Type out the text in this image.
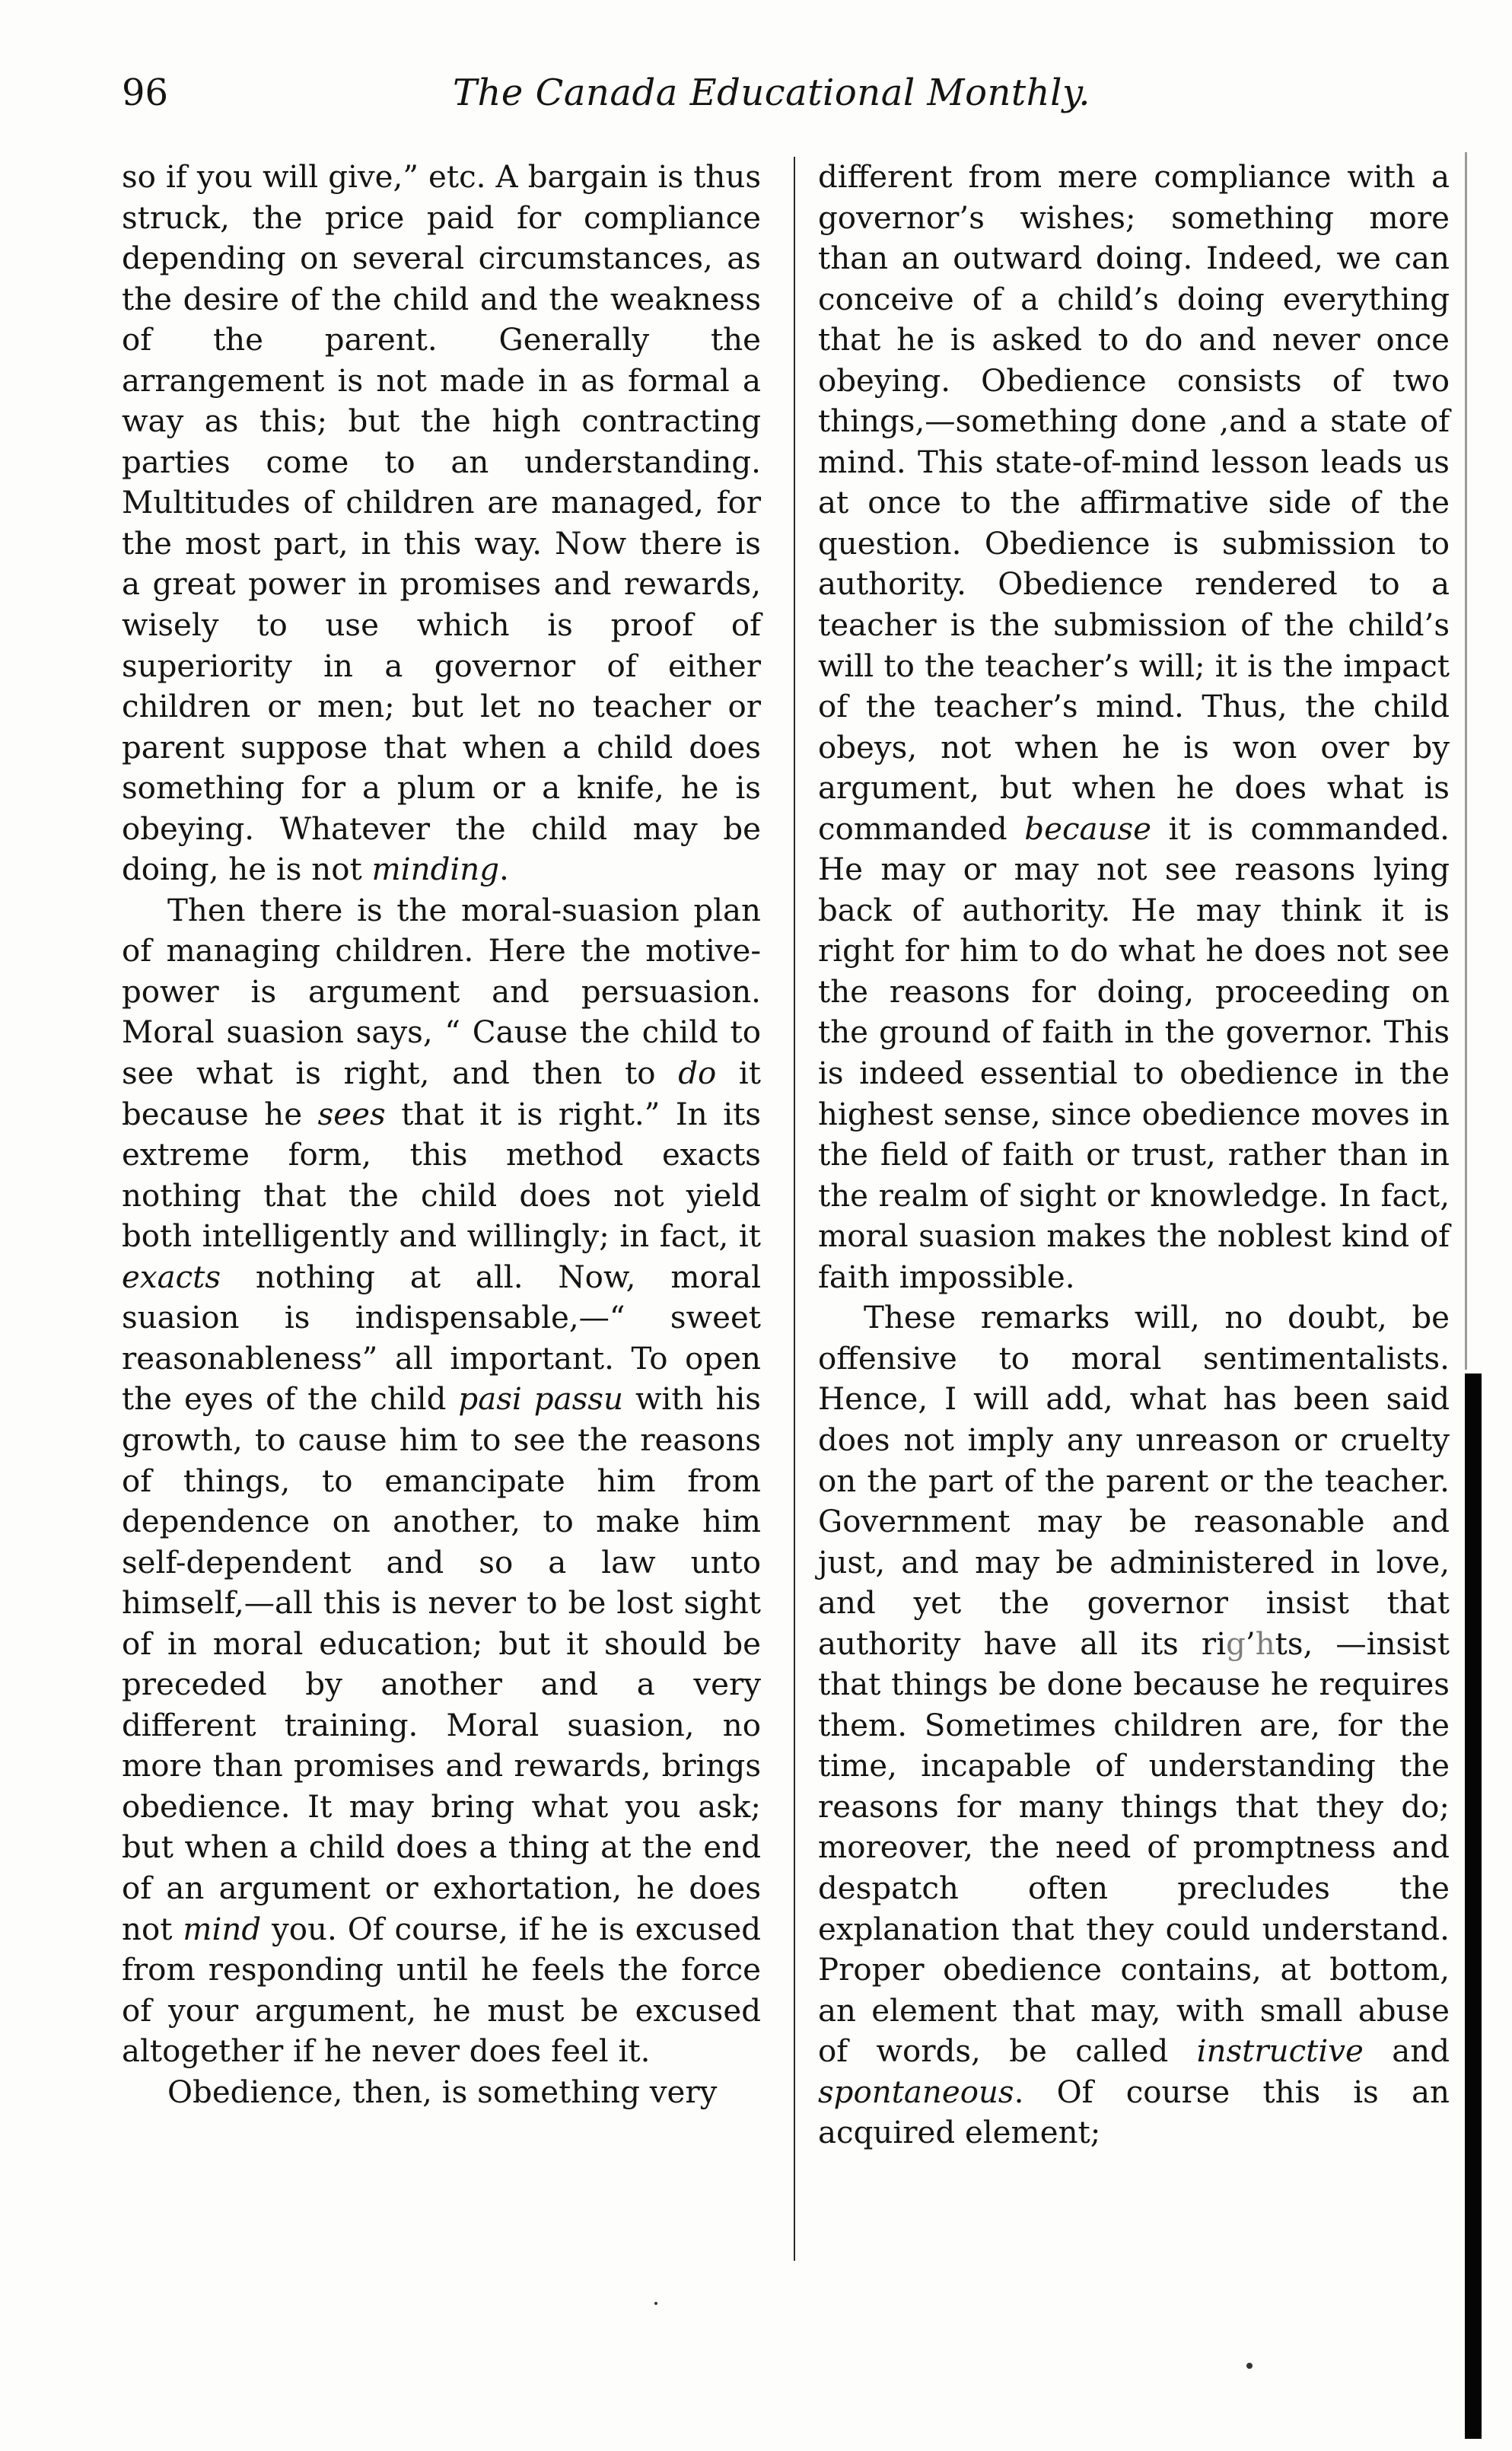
96	The Canada Educational Monthly.

so if you will give,” etc. A bargain is thus struck, the price paid for compliance depending on several circumstances, as the desire of the child and the weakness of the parent. Generally the arrangement is not made in as formal a way as this; but the high contracting parties come to an understanding. Multitudes of children are managed, for the most part, in this way. Now there is a great power in promises and rewards, wisely to use which is proof of superiority in a governor of either children or men; but let no teacher or parent suppose that when a child does something for a plum or a knife, he is obeying. Whatever the child may be doing, he is not minding.

Then there is the moral-suasion plan of managing children. Here the motive-power is argument and persuasion. Moral suasion says, “ Cause the child to see what is right, and then to do it because he sees that it is right.” In its extreme form, this method exacts nothing that the child does not yield both intelligently and willingly; in fact, it exacts nothing at all. Now, moral suasion is indispensable,—“ sweet reasonableness” all important. To open the eyes of the child pasi passu with his growth, to cause him to see the reasons of things, to emancipate him from dependence on another, to make him self-dependent and so a law unto himself,—all this is never to be lost sight of in moral education; but it should be preceded by another and a very different training. Moral suasion, no more than promises and rewards, brings obedience. It may bring what you ask; but when a child does a thing at the end of an argument or exhortation, he does not mind you. Of course, if he is excused from responding until he feels the force of your argument, he must be excused altogether if he never does feel it.

Obedience, then, is something very

different from mere compliance with a governor’s wishes; something more than an outward doing. Indeed, we can conceive of a child’s doing everything that he is asked to do and never once obeying. Obedience consists of two things,—something done ,and a state of mind. This state-of-mind lesson leads us at once to the affirmative side of the question. Obedience is submission to authority. Obedience rendered to a teacher is the submission of the child’s will to the teacher’s will; it is the impact of the teacher’s mind. Thus, the child obeys, not when he is won over by argument, but when he does what is commanded because it is commanded. He may or may not see reasons lying back of authority. He may think it is right for him to do what he does not see the reasons for doing, proceeding on the ground of faith in the governor. This is indeed essential to obedience in the highest sense, since obedience moves in the field of faith or trust, rather than in the realm of sight or knowledge. In fact, moral suasion makes the noblest kind of faith impossible.

These remarks will, no doubt, be offensive to moral sentimentalists. Hence, I will add, what has been said does not imply any unreason or cruelty on the part of the parent or the teacher. Government may be reasonable and just, and may be administered in love, and yet the governor insist that authority have all its rig’hts, —insist that things be done because he requires them. Sometimes children are, for the time, incapable of understanding the reasons for many things that they do; moreover, the need of promptness and despatch often precludes the explanation that they could understand. Proper obedience contains, at bottom, an element that may, with small abuse of words, be called instructive and spontaneous. Of course this is an acquired element;
